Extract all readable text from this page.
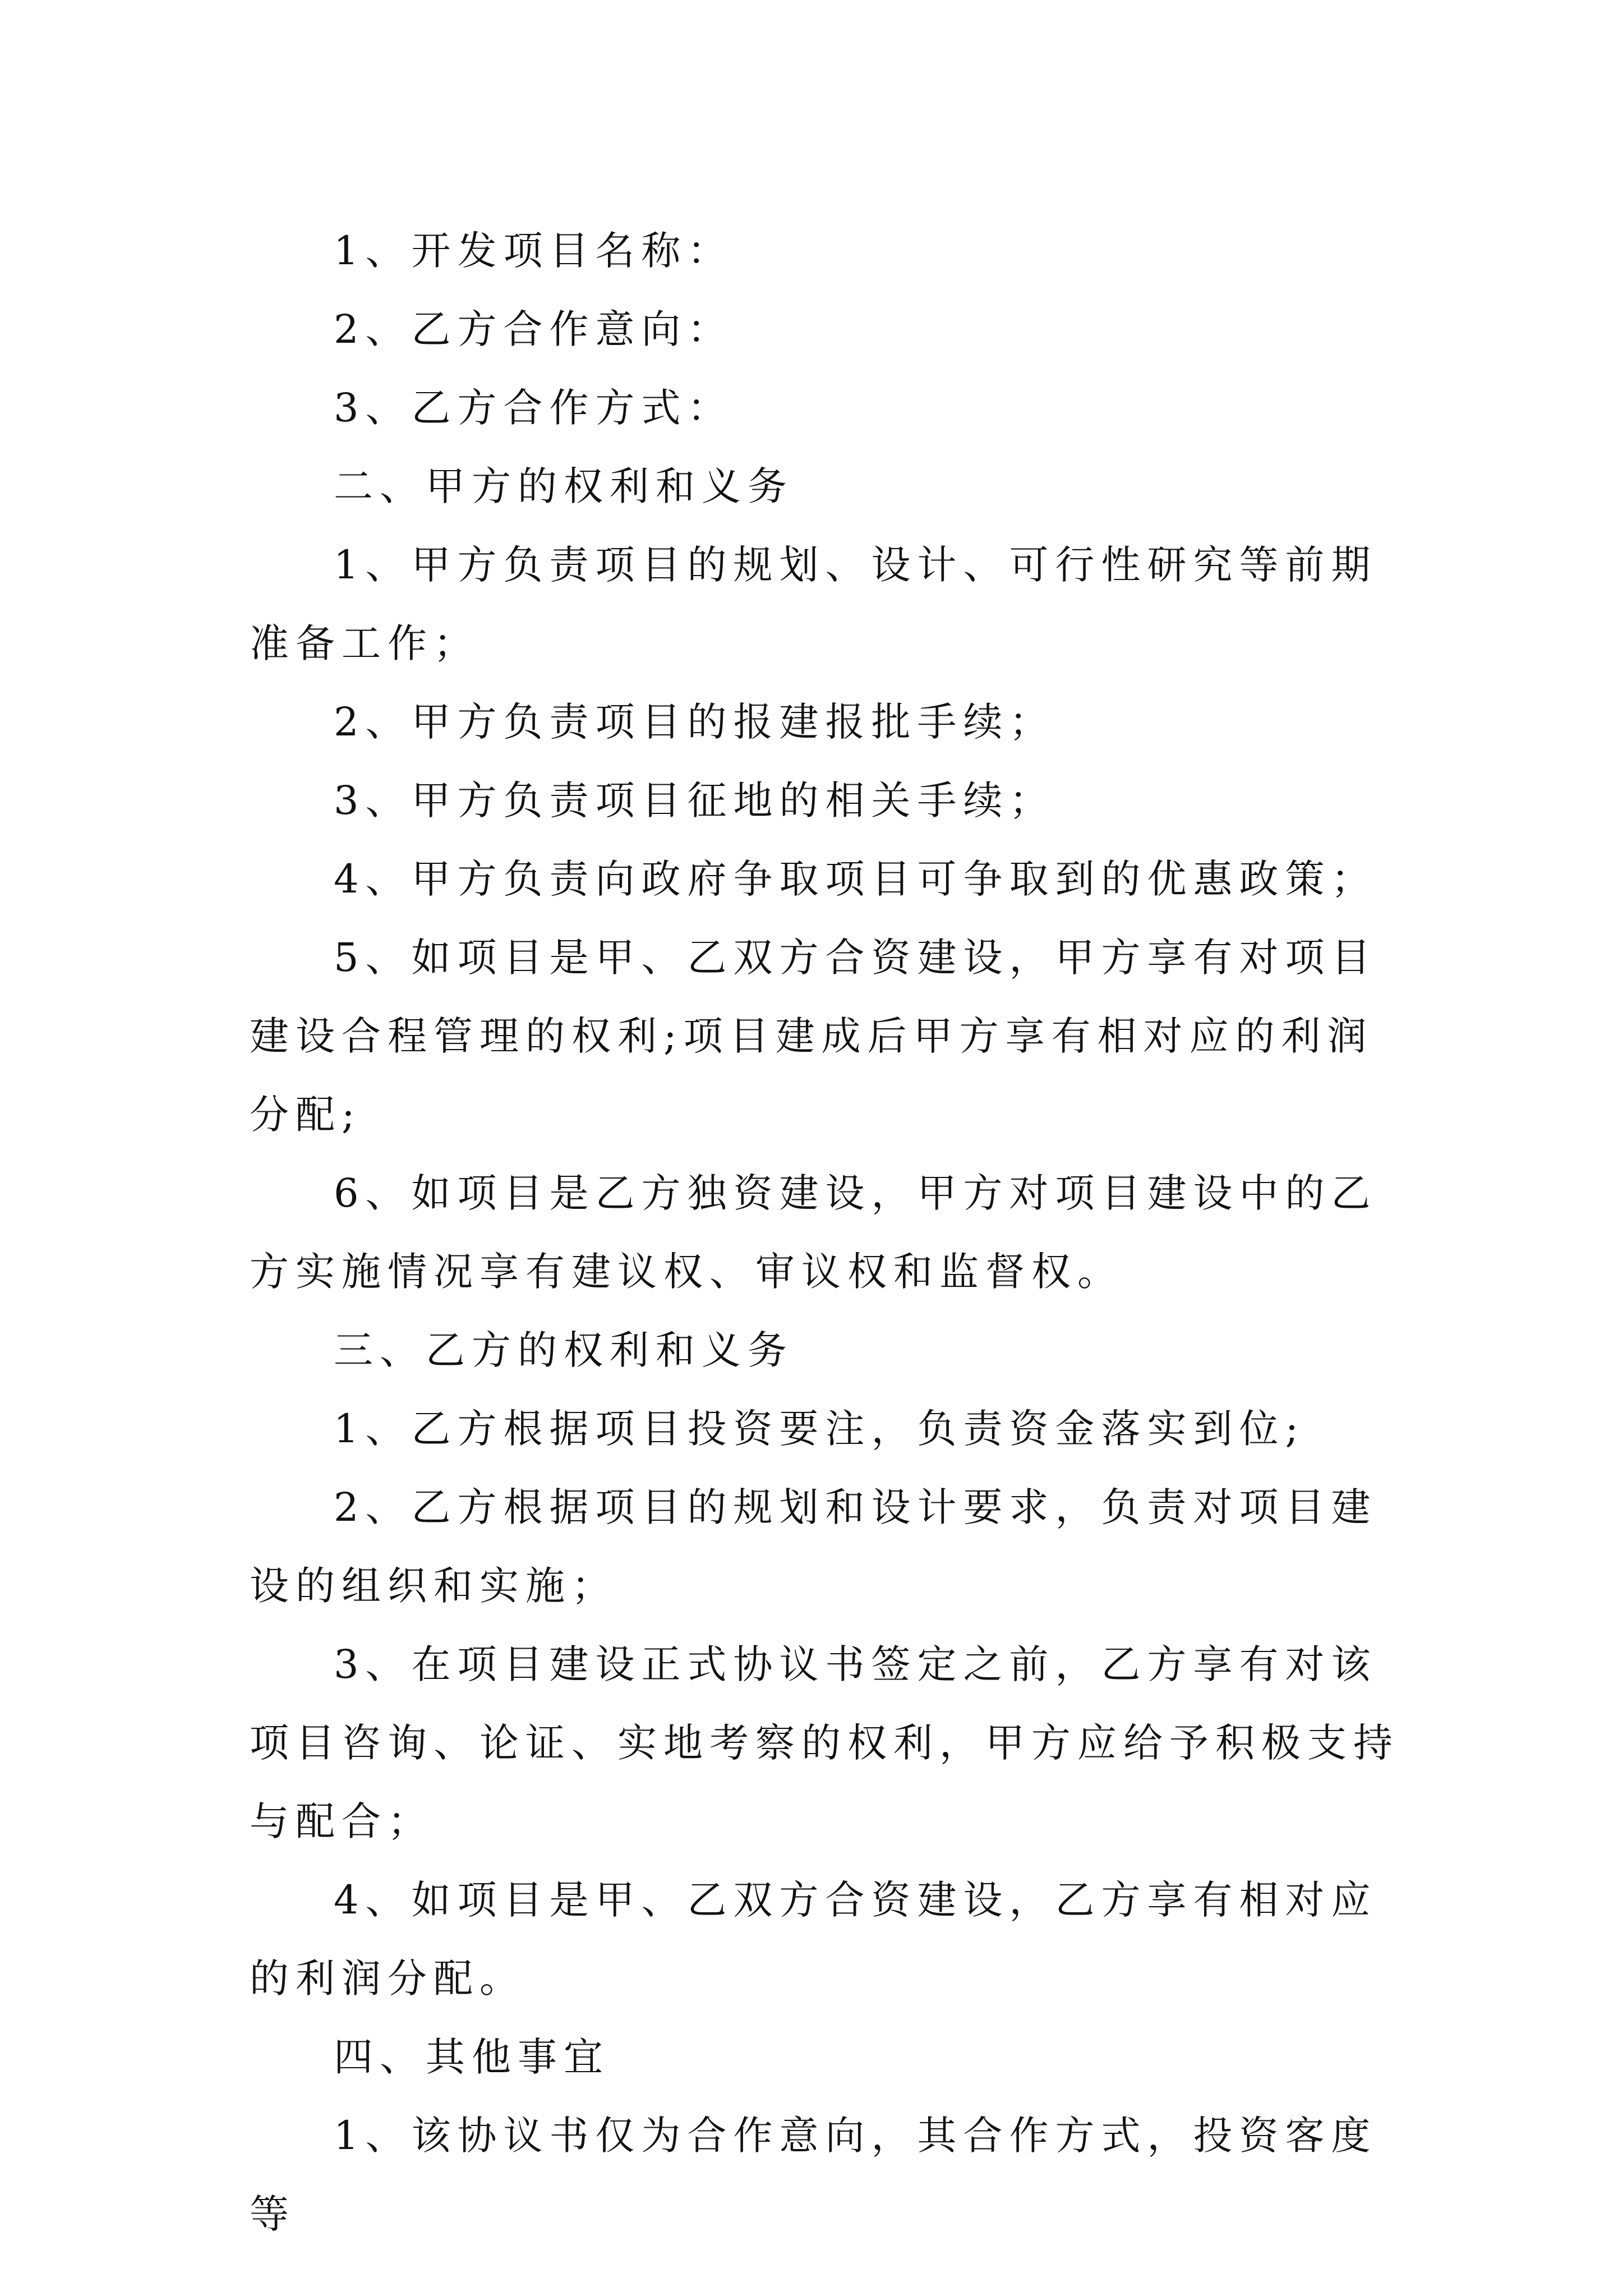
1、开发项目名称：

2、乙方合作意向：

3、乙方合作方式：

二、甲方的权利和义务

1、甲方负责项目的规划、设计、可行性研究等前期准备工作；

2、甲方负责项目的报建报批手续；

3、甲方负责项目征地的相关手续；

4、甲方负责向政府争取项目可争取到的优惠政策；

5、如项目是甲、乙双方合资建设，甲方享有对项目建设合程管理的权利;项目建成后甲方享有相对应的利润分配;

6、如项目是乙方独资建设，甲方对项目建设中的乙方实施情况享有建议权、审议权和监督权。

三、乙方的权利和义务

1、乙方根据项目投资要注，负责资金落实到位;

2、乙方根据项目的规划和设计要求，负责对项目建设的组织和实施；

3、在项目建设正式协议书签定之前，乙方享有对该项目咨询、论证、实地考察的权利，甲方应给予积极支持与配合；

4、如项目是甲、乙双方合资建设，乙方享有相对应的利润分配。

四、其他事宜

1、该协议书仅为合作意向，其合作方式，投资客度等
